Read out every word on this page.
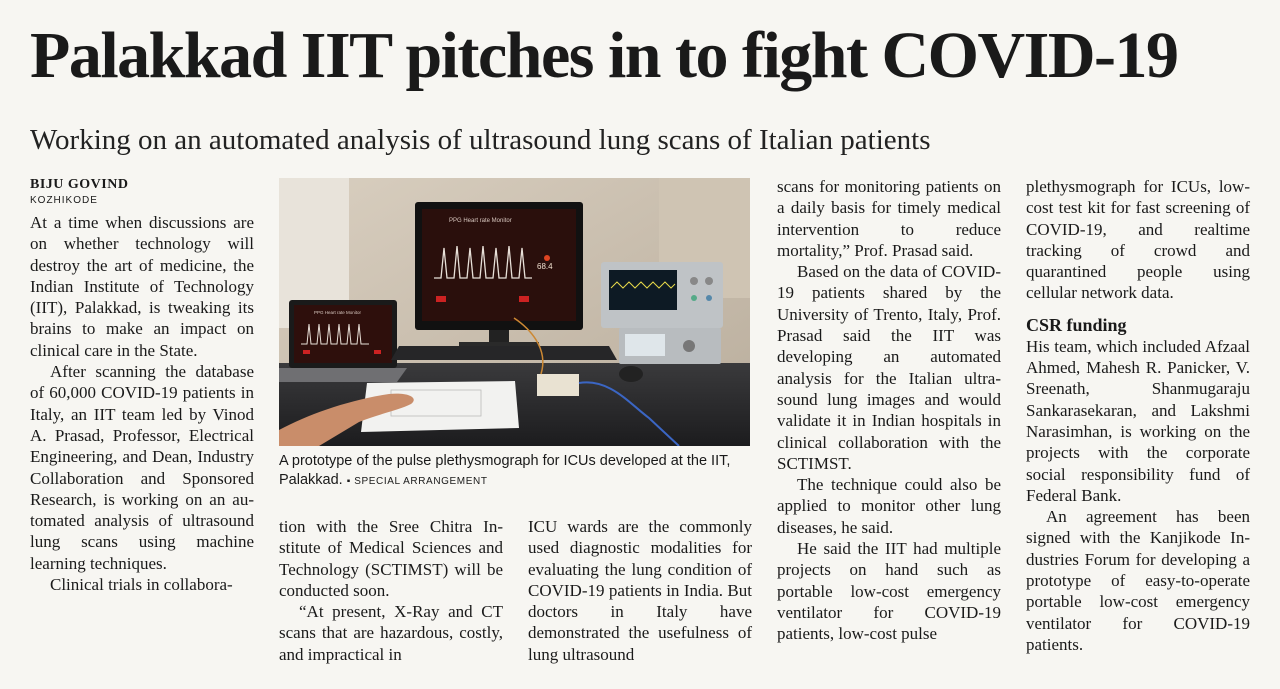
Palakkad IIT pitches in to fight COVID-19
Working on an automated analysis of ultrasound lung scans of Italian patients
BIJU GOVIND
KOZHIKODE

At a time when discussions are on whether technology will destroy the art of medicine, the Indian Institute of Technology (IIT), Palakkad, is tweaking its brains to make an impact on clinical care in the State.

After scanning the database of 60,000 COVID-19 patients in Italy, an IIT team led by Vinod A. Prasad, Professor, Electrical Engineering, and Dean, Industry Collaboration and Sponsored Research, is working on an automated analysis of ultrasound lung scans using machine learning techniques.

Clinical trials in collabora-

PPG Heart rate Monitor
68.4
PPG Heart rate Monitor
A prototype of the pulse plethysmograph for ICUs developed at the IIT, Palakkad. ▪ SPECIAL ARRANGEMENT

tion with the Sree Chitra Institute of Medical Sciences and Technology (SCTIMST) will be conducted soon.

“At present, X-Ray and CT scans that are hazardous, costly, and impractical in

ICU wards are the commonly used diagnostic modalities for evaluating the lung condition of COVID-19 patients in India. But doctors in Italy have demonstrated the usefulness of lung ultrasound

scans for monitoring patients on a daily basis for timely medical intervention to reduce mortality,” Prof. Prasad said.

Based on the data of COVID-19 patients shared by the University of Trento, Italy, Prof. Prasad said the IIT was developing an automated analysis for the Italian ultrasound lung images and would validate it in Indian hospitals in clinical collaboration with the SCTIMST.

The technique could also be applied to monitor other lung diseases, he said.

He said the IIT had multiple projects on hand such as portable low-cost emergency ventilator for COVID-19 patients, low-cost pulse

plethysmograph for ICUs, low-cost test kit for fast screening of COVID-19, and realtime tracking of crowd and quarantined people using cellular network data.

CSR funding

His team, which included Afzaal Ahmed, Mahesh R. Panicker, V. Sreenath, Shanmugaraju Sankarasekaran, and Lakshmi Narasimhan, is working on the projects with the corporate social responsibility fund of Federal Bank.

An agreement has been signed with the Kanjikode Industries Forum for developing a prototype of easy-to-operate portable low-cost emergency ventilator for COVID-19 patients.
